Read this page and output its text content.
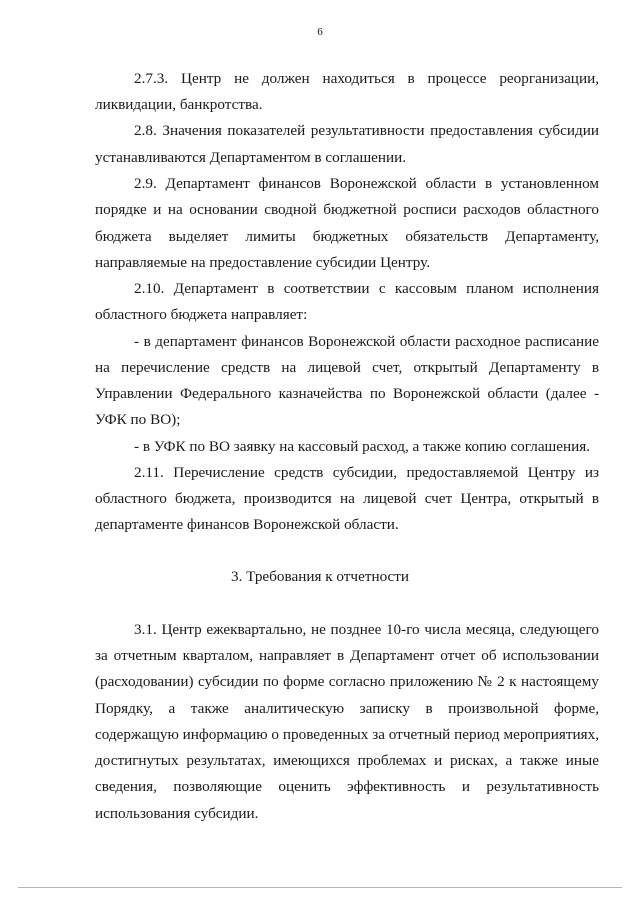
6
2.7.3. Центр не должен находиться в процессе реорганизации,
ликвидации, банкротства.
2.8. Значения показателей результативности предоставления субсидии
устанавливаются Департаментом в соглашении.
2.9. Департамент финансов Воронежской области в установленном
порядке и на основании сводной бюджетной росписи расходов областного
бюджета выделяет лимиты бюджетных обязательств Департаменту,
направляемые на предоставление субсидии Центру.
2.10. Департамент в соответствии с кассовым планом исполнения
областного бюджета направляет:
- в департамент финансов Воронежской области расходное расписание
на перечисление средств на лицевой счет, открытый Департаменту в
Управлении Федерального казначейства по Воронежской области (далее -
УФК по ВО);
- в УФК по ВО заявку на кассовый расход, а также копию соглашения.
2.11. Перечисление средств субсидии, предоставляемой Центру из
областного бюджета, производится на лицевой счет Центра, открытый в
департаменте финансов Воронежской области.
3. Требования к отчетности
3.1. Центр ежеквартально, не позднее 10-го числа месяца, следующего
за отчетным кварталом, направляет в Департамент отчет об использовании
(расходовании) субсидии по форме согласно приложению № 2 к настоящему
Порядку, а также аналитическую записку в произвольной форме,
содержащую информацию о проведенных за отчетный период мероприятиях,
достигнутых результатах, имеющихся проблемах и рисках, а также иные
сведения, позволяющие оценить эффективность и результативность
использования субсидии.
